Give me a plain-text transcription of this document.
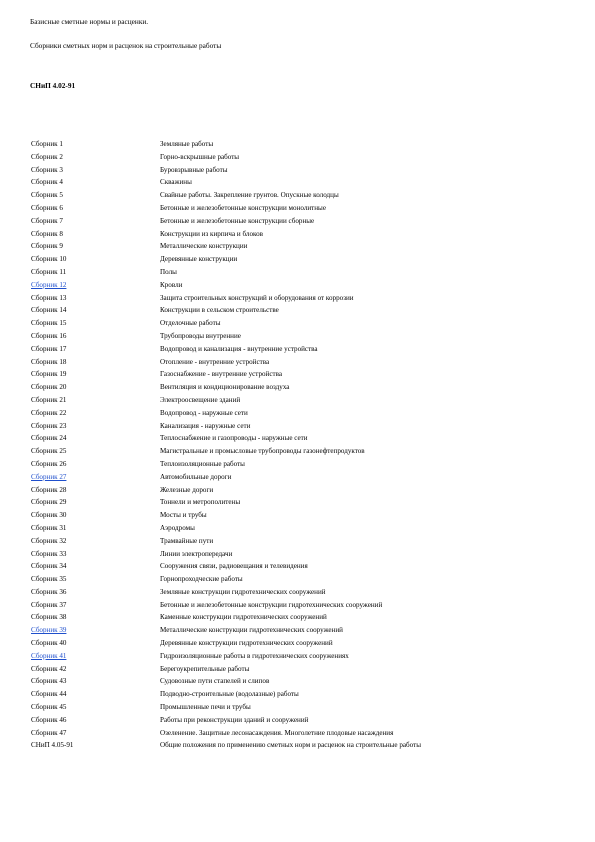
Базисные сметные нормы и расценки.
Сборники сметных норм и расценок на строительные работы
СНиП 4.02-91
Сборник 1	Земляные работы
Сборник 2	Горно-вскрышные работы
Сборник 3	Буровзрывные работы
Сборник 4	Скважины
Сборник 5	Свайные работы. Закрепление грунтов. Опускные колодцы
Сборник 6	Бетонные и железобетонные конструкции монолитные
Сборник 7	Бетонные и железобетонные конструкции сборные
Сборник 8	Конструкции из кирпича и блоков
Сборник 9	Металлические конструкции
Сборник 10	Деревянные конструкции
Сборник 11	Полы
Сборник 12	Кровли
Сборник 13	Защита строительных конструкций и оборудования от коррозии
Сборник 14	Конструкции в сельском строительстве
Сборник 15	Отделочные работы
Сборник 16	Трубопроводы внутренние
Сборник 17	Водопровод и канализация - внутренние устройства
Сборник 18	Отопление - внутренние устройства
Сборник 19	Газоснабжение - внутренние устройства
Сборник 20	Вентиляция и кондиционирование воздуха
Сборник 21	Электроосвещение зданий
Сборник 22	Водопровод - наружные сети
Сборник 23	Канализация - наружные сети
Сборник 24	Теплоснабжение и газопроводы - наружные сети
Сборник 25	Магистральные и промысловые трубопроводы газонефтепродуктов
Сборник 26	Теплоизоляционные работы
Сборник 27	Автомобильные дороги
Сборник 28	Железные дороги
Сборник 29	Тоннели и метрополитены
Сборник 30	Мосты и трубы
Сборник 31	Аэродромы
Сборник 32	Трамвайные пути
Сборник 33	Линии электропередачи
Сборник 34	Сооружения связи, радиовещания и телевидения
Сборник 35	Горнопроходческие работы
Сборник 36	Земляные конструкции гидротехнических сооружений
Сборник 37	Бетонные и железобетонные конструкции гидротехнических сооружений
Сборник 38	Каменные конструкции гидротехнических сооружений
Сборник 39	Металлические конструкции гидротехнических сооружений
Сборник 40	Деревянные конструкции гидротехнических сооружений
Сборник 41	Гидроизоляционные работы в гидротехнических сооружениях
Сборник 42	Берегоукрепительные работы
Сборник 43	Судовозные пути стапелей и слипов
Сборник 44	Подводно-строительные (водолазные) работы
Сборник 45	Промышленные печи и трубы
Сборник 46	Работы при реконструкции зданий и сооружений
Сборник 47	Озеленение. Защитные лесонасаждения. Многолетние плодовые насаждения
СНиП 4.05-91	Общие положения по применению сметных норм и расценок на строительные работы
